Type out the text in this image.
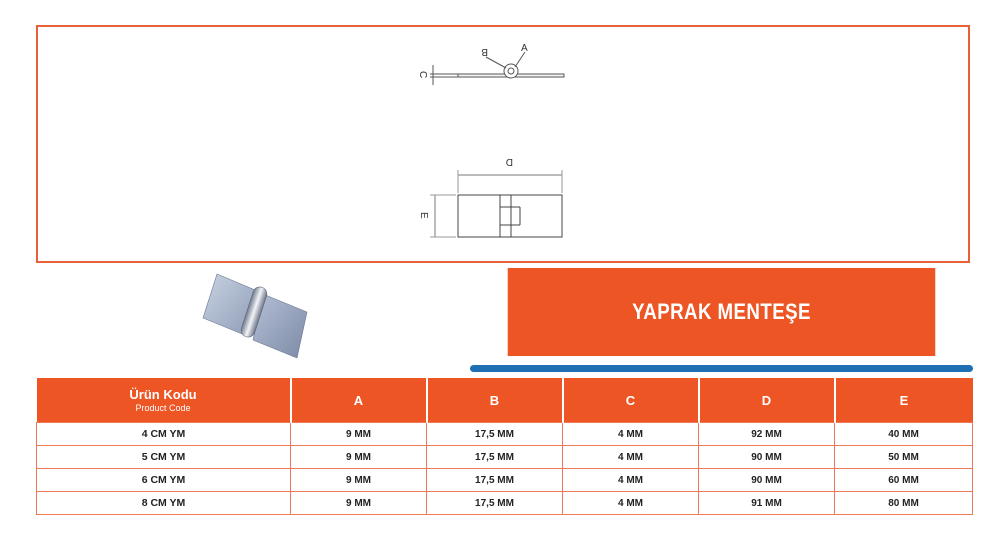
B	A
C
D
E
YAPRAK MENTEŞE
Ürün Kodu
Product Code	A	B	C	D	E
4 CM YM	9 MM	17,5 MM	4 MM	92 MM	40 MM
5 CM YM	9 MM	17,5 MM	4 MM	90 MM	50 MM
6 CM YM	9 MM	17,5 MM	4 MM	90 MM	60 MM
8 CM YM	9 MM	17,5 MM	4 MM	91 MM	80 MM
